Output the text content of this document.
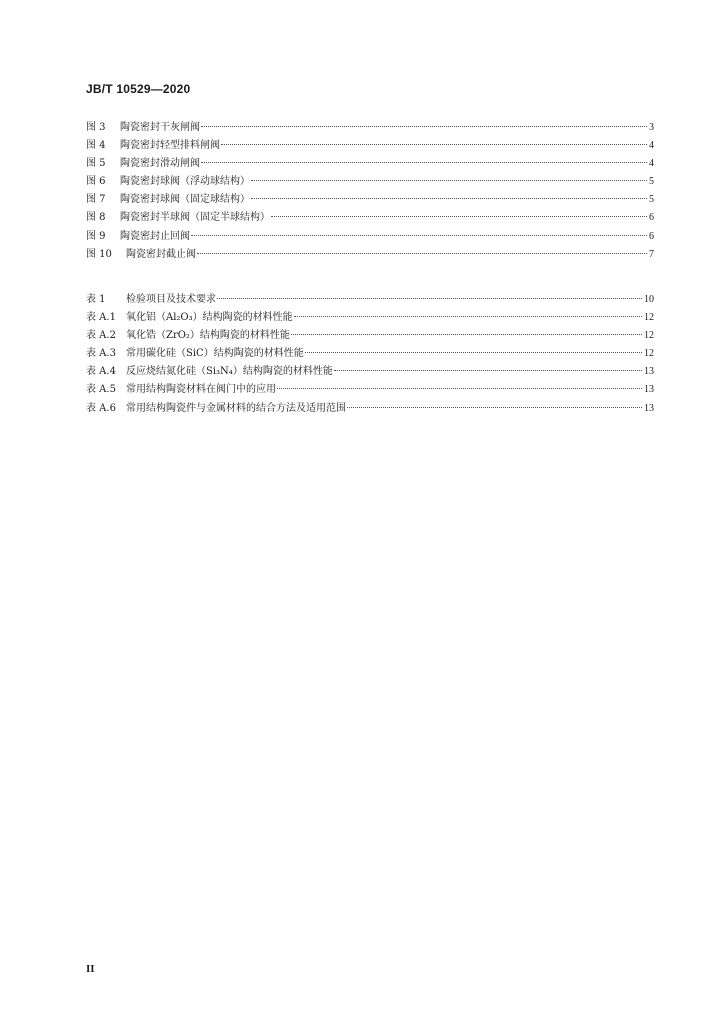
JB/T 10529—2020
图 3	陶瓷密封干灰闸阀	3
图 4	陶瓷密封轻型排料闸阀	4
图 5	陶瓷密封滑动闸阀	4
图 6	陶瓷密封球阀（浮动球结构）	5
图 7	陶瓷密封球阀（固定球结构）	5
图 8	陶瓷密封半球阀（固定半球结构）	6
图 9	陶瓷密封止回阀	6
图 10	陶瓷密封截止阀	7
表 1	检验项目及技术要求	10
表 A.1	氧化铝（Al₂O₃）结构陶瓷的材料性能	12
表 A.2	氧化锆（ZrO₂）结构陶瓷的材料性能	12
表 A.3	常用碳化硅（SiC）结构陶瓷的材料性能	12
表 A.4	反应烧结氮化硅（Si₃N₄）结构陶瓷的材料性能	13
表 A.5	常用结构陶瓷材料在阀门中的应用	13
表 A.6	常用结构陶瓷件与金属材料的结合方法及适用范围	13
II
